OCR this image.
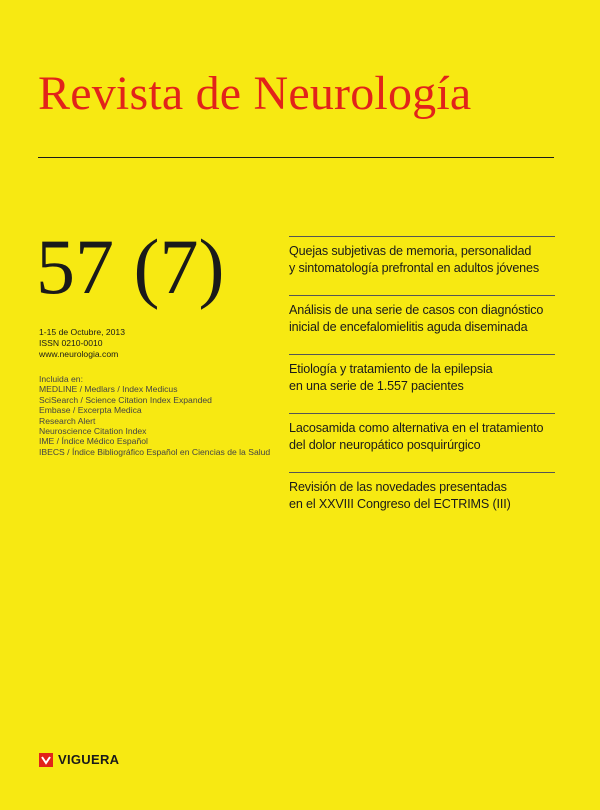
Revista de Neurología
57 (7)
1-15 de Octubre, 2013
ISSN 0210-0010
www.neurologia.com
Incluida en:
MEDLINE / Medlars / Index Medicus
SciSearch / Science Citation Index Expanded
Embase / Excerpta Medica
Research Alert
Neuroscience Citation Index
IME / Índice Médico Español
IBECS / Índice Bibliográfico Español en Ciencias de la Salud
Quejas subjetivas de memoria, personalidad
y sintomatología prefrontal en adultos jóvenes
Análisis de una serie de casos con diagnóstico
inicial de encefalomielitis aguda diseminada
Etiología y tratamiento de la epilepsia
en una serie de 1.557 pacientes
Lacosamida como alternativa en el tratamiento
del dolor neuropático posquirúrgico
Revisión de las novedades presentadas
en el XXVIII Congreso del ECTRIMS (III)
VIGUERA
